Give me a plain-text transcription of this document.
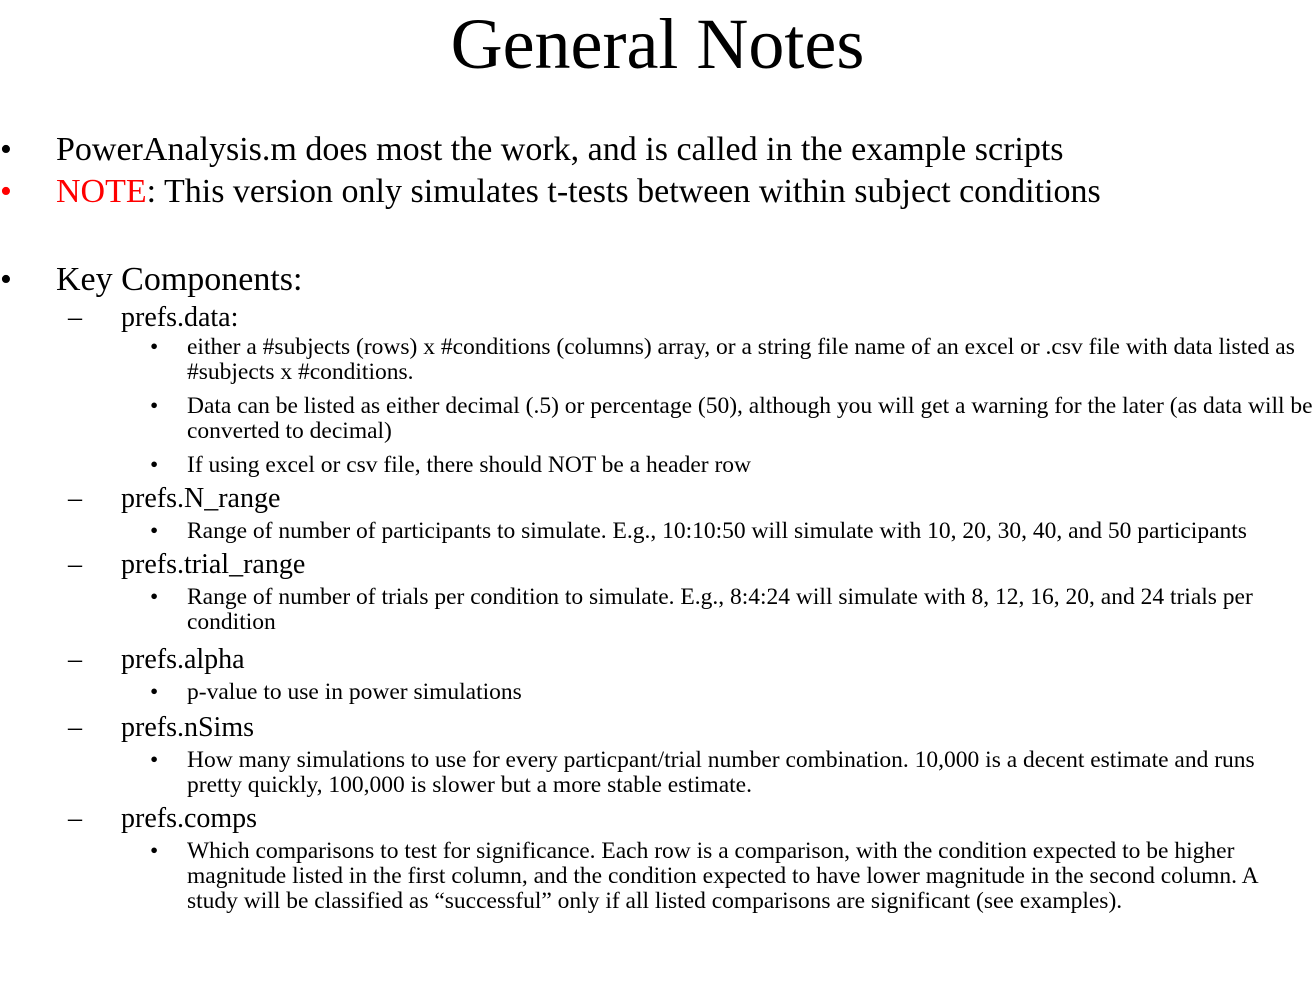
General Notes
• PowerAnalysis.m does most the work, and is called in the example scripts
• NOTE: This version only simulates t-tests between within subject conditions
• Key Components:
– prefs.data:
• either a #subjects (rows) x #conditions (columns) array, or a string file name of an excel or .csv file with data listed as #subjects x #conditions.
• Data can be listed as either decimal (.5) or percentage (50), although you will get a warning for the later (as data will be converted to decimal)
• If using excel or csv file, there should NOT be a header row
– prefs.N_range
• Range of number of participants to simulate. E.g., 10:10:50 will simulate with 10, 20, 30, 40, and 50 participants
– prefs.trial_range
• Range of number of trials per condition to simulate. E.g., 8:4:24 will simulate with 8, 12, 16, 20, and 24 trials per condition
– prefs.alpha
• p-value to use in power simulations
– prefs.nSims
• How many simulations to use for every particpant/trial number combination. 10,000 is a decent estimate and runs pretty quickly, 100,000 is slower but a more stable estimate.
– prefs.comps
• Which comparisons to test for significance. Each row is a comparison, with the condition expected to be higher magnitude listed in the first column, and the condition expected to have lower magnitude in the second column. A study will be classified as “successful” only if all listed comparisons are significant (see examples).
